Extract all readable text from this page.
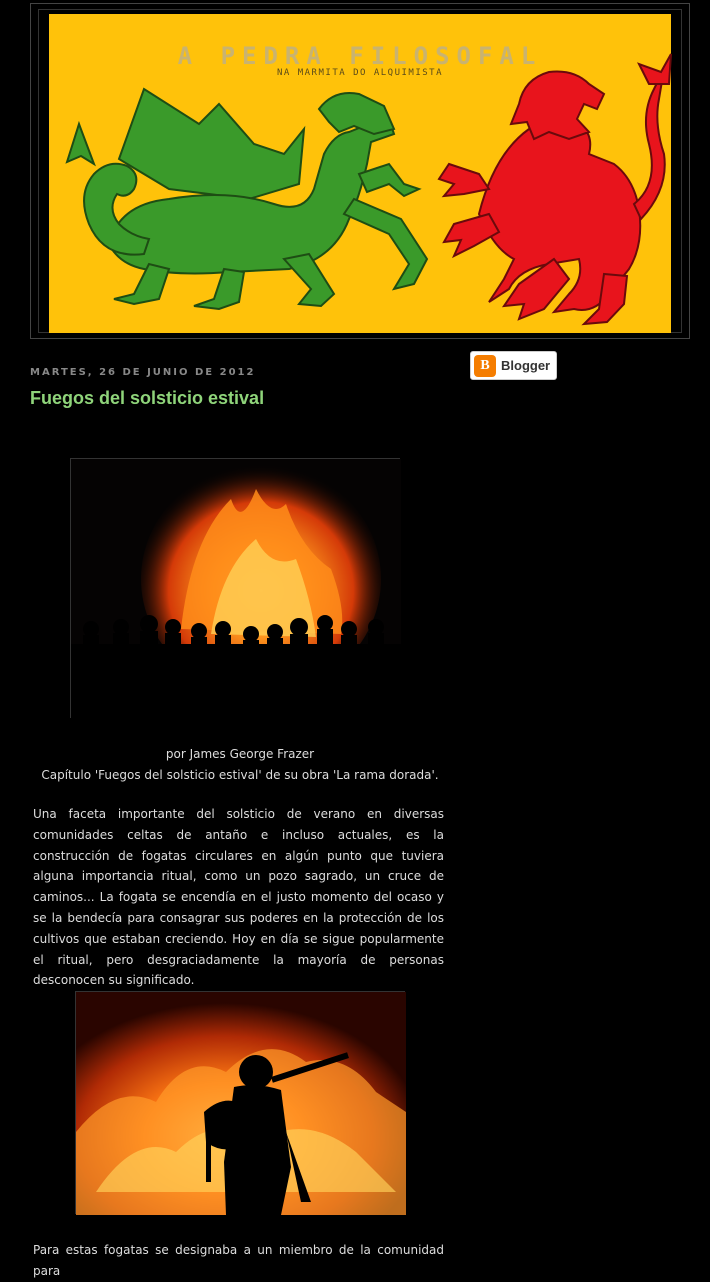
A PEDRA FILOSOFAL

NA MARMITA DO ALQUIMISTA

B Blogger

MARTES, 26 DE JUNIO DE 2012

Fuegos del solsticio estival

por James George Frazer

Capítulo 'Fuegos del solsticio estival' de su obra 'La rama dorada'.

Una faceta importante del solsticio de verano en diversas comunidades celtas de antaño e incluso actuales, es la construcción de fogatas circulares en algún punto que tuviera alguna importancia ritual, como un pozo sagrado, un cruce de caminos... La fogata se encendía en el justo momento del ocaso y se la bendecía para consagrar sus poderes en la protección de los cultivos que estaban creciendo. Hoy en día se sigue popularmente el ritual, pero desgraciadamente la mayoría de personas desconocen su significado.

Para estas fogatas se designaba a un miembro de la comunidad para
